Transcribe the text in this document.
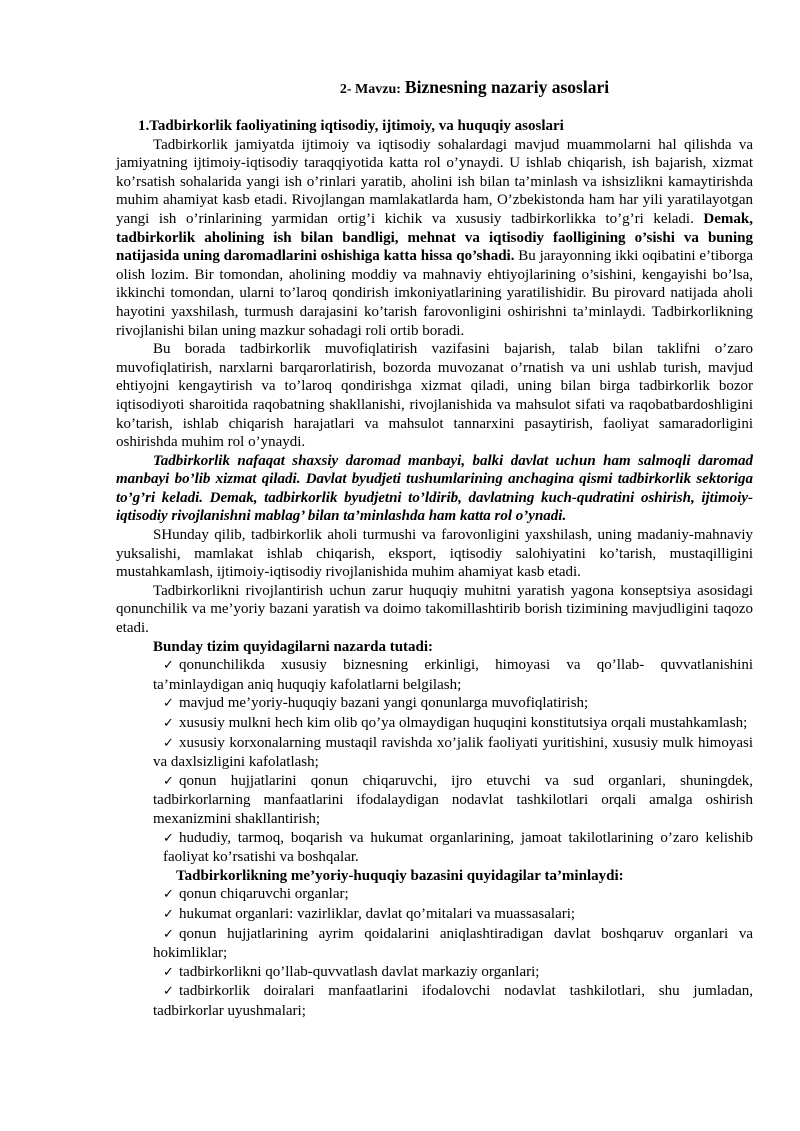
2- Mavzu: Biznesning nazariy asoslari
1.Tadbirkorlik faoliyatining iqtisodiy, ijtimoiy, va huquqiy asoslari

Tadbirkorlik jamiyatda ijtimoiy va iqtisodiy sohalardagi mavjud muammolarni hal qilishda va jamiyatning ijtimoiy-iqtisodiy taraqqiyotida katta rol o’ynaydi. U ishlab chiqarish, ish bajarish, xizmat ko’rsatish sohalarida yangi ish o’rinlari yaratib, aholini ish bilan ta’minlash va ishsizlikni kamaytirishda muhim ahamiyat kasb etadi. Rivojlangan mamlakatlarda ham, O’zbekistonda ham har yili yaratilayotgan yangi ish o’rinlarining yarmidan ortig’i kichik va xususiy tadbirkorlikka to’g’ri keladi. Demak, tadbirkorlik aholining ish bilan bandligi, mehnat va iqtisodiy faolligining o’sishi va buning natijasida uning daromadlarini oshishiga katta hissa qo’shadi. Bu jarayonning ikki oqibatini e’tiborga olish lozim. Bir tomondan, aholining moddiy va mahnaviy ehtiyojlarining o’sishini, kengayishi bo’lsa, ikkinchi tomondan, ularni to’laroq qondirish imkoniyatlarining yaratilishidir. Bu pirovard natijada aholi hayotini yaxshilash, turmush darajasini ko’tarish farovonligini oshirishni ta’minlaydi. Tadbirkorlikning rivojlanishi bilan uning mazkur sohadagi roli ortib boradi.

Bu borada tadbirkorlik muvofiqlatirish vazifasini bajarish, talab bilan taklifni o’zaro muvofiqlatirish, narxlarni barqarorlatirish, bozorda muvozanat o’rnatish va uni ushlab turish, mavjud ehtiyojni kengaytirish va to’laroq qondirishga xizmat qiladi, uning bilan birga tadbirkorlik bozor iqtisodiyoti sharoitida raqobatning shakllanishi, rivojlanishida va mahsulot sifati va raqobatbardoshligini ko’tarish, ishlab chiqarish harajatlari va mahsulot tannarxini pasaytirish, faoliyat samaradorligini oshirishda muhim rol o’ynaydi.

Tadbirkorlik nafaqat shaxsiy daromad manbayi, balki davlat uchun ham salmoqli daromad manbayi bo’lib xizmat qiladi. Davlat byudjeti tushumlarining anchagina qismi tadbirkorlik sektoriga to’g’ri keladi. Demak, tadbirkorlik byudjetni to’ldirib, davlatning kuch-qudratini oshirish, ijtimoiy-iqtisodiy rivojlanishni mablag’ bilan ta’minlashda ham katta rol o’ynadi.

SHunday qilib, tadbirkorlik aholi turmushi va farovonligini yaxshilash, uning madaniy-mahnaviy yuksalishi, mamlakat ishlab chiqarish, eksport, iqtisodiy salohiyatini ko’tarish, mustaqilligini mustahkamlash, ijtimoiy-iqtisodiy rivojlanishida muhim ahamiyat kasb etadi.

Tadbirkorlikni rivojlantirish uchun zarur huquqiy muhitni yaratish yagona konseptsiya asosidagi qonunchilik va me’yoriy bazani yaratish va doimo takomillashtirib borish tizimining mavjudligini taqozo etadi.

Bunday tizim quyidagilarni nazarda tutadi:
✓ qonunchilikda xususiy biznesning erkinligi, himoyasi va qo’llab- quvvatlanishini ta’minlaydigan aniq huquqiy kafolatlarni belgilash;
✓ mavjud me’yoriy-huquqiy bazani yangi qonunlarga muvofiqlatirish;
✓ xususiy mulkni hech kim olib qo’ya olmaydigan huquqini konstitutsiya orqali mustahkamlash;
✓ xususiy korxonalarning mustaqil ravishda xo’jalik faoliyati yuritishini, xususiy mulk himoyasi va daxlsizligini kafolatlash;
✓ qonun hujjatlarini qonun chiqaruvchi, ijro etuvchi va sud organlari, shuningdek, tadbirkorlarning manfaatlarini ifodalaydigan nodavlat tashkilotlari orqali amalga oshirish mexanizmini shakllantirish;
✓ hududiy, tarmoq, boqarish va hukumat organlarining, jamoat takilotlarining o’zaro kelishib faoliyat ko’rsatishi va boshqalar.
Tadbirkorlikning me’yoriy-huquqiy bazasini quyidagilar ta’minlaydi:
✓ qonun chiqaruvchi organlar;
✓ hukumat organlari: vazirliklar, davlat qo’mitalari va muassasalari;
✓ qonun hujjatlarining ayrim qoidalarini aniqlashtiradigan davlat boshqaruv organlari va hokimliklar;
✓ tadbirkorlikni qo’llab-quvvatlash davlat markaziy organlari;
✓ tadbirkorlik doiralari manfaatlarini ifodalovchi nodavlat tashkilotlari, shu jumladan, tadbirkorlar uyushmalari;
